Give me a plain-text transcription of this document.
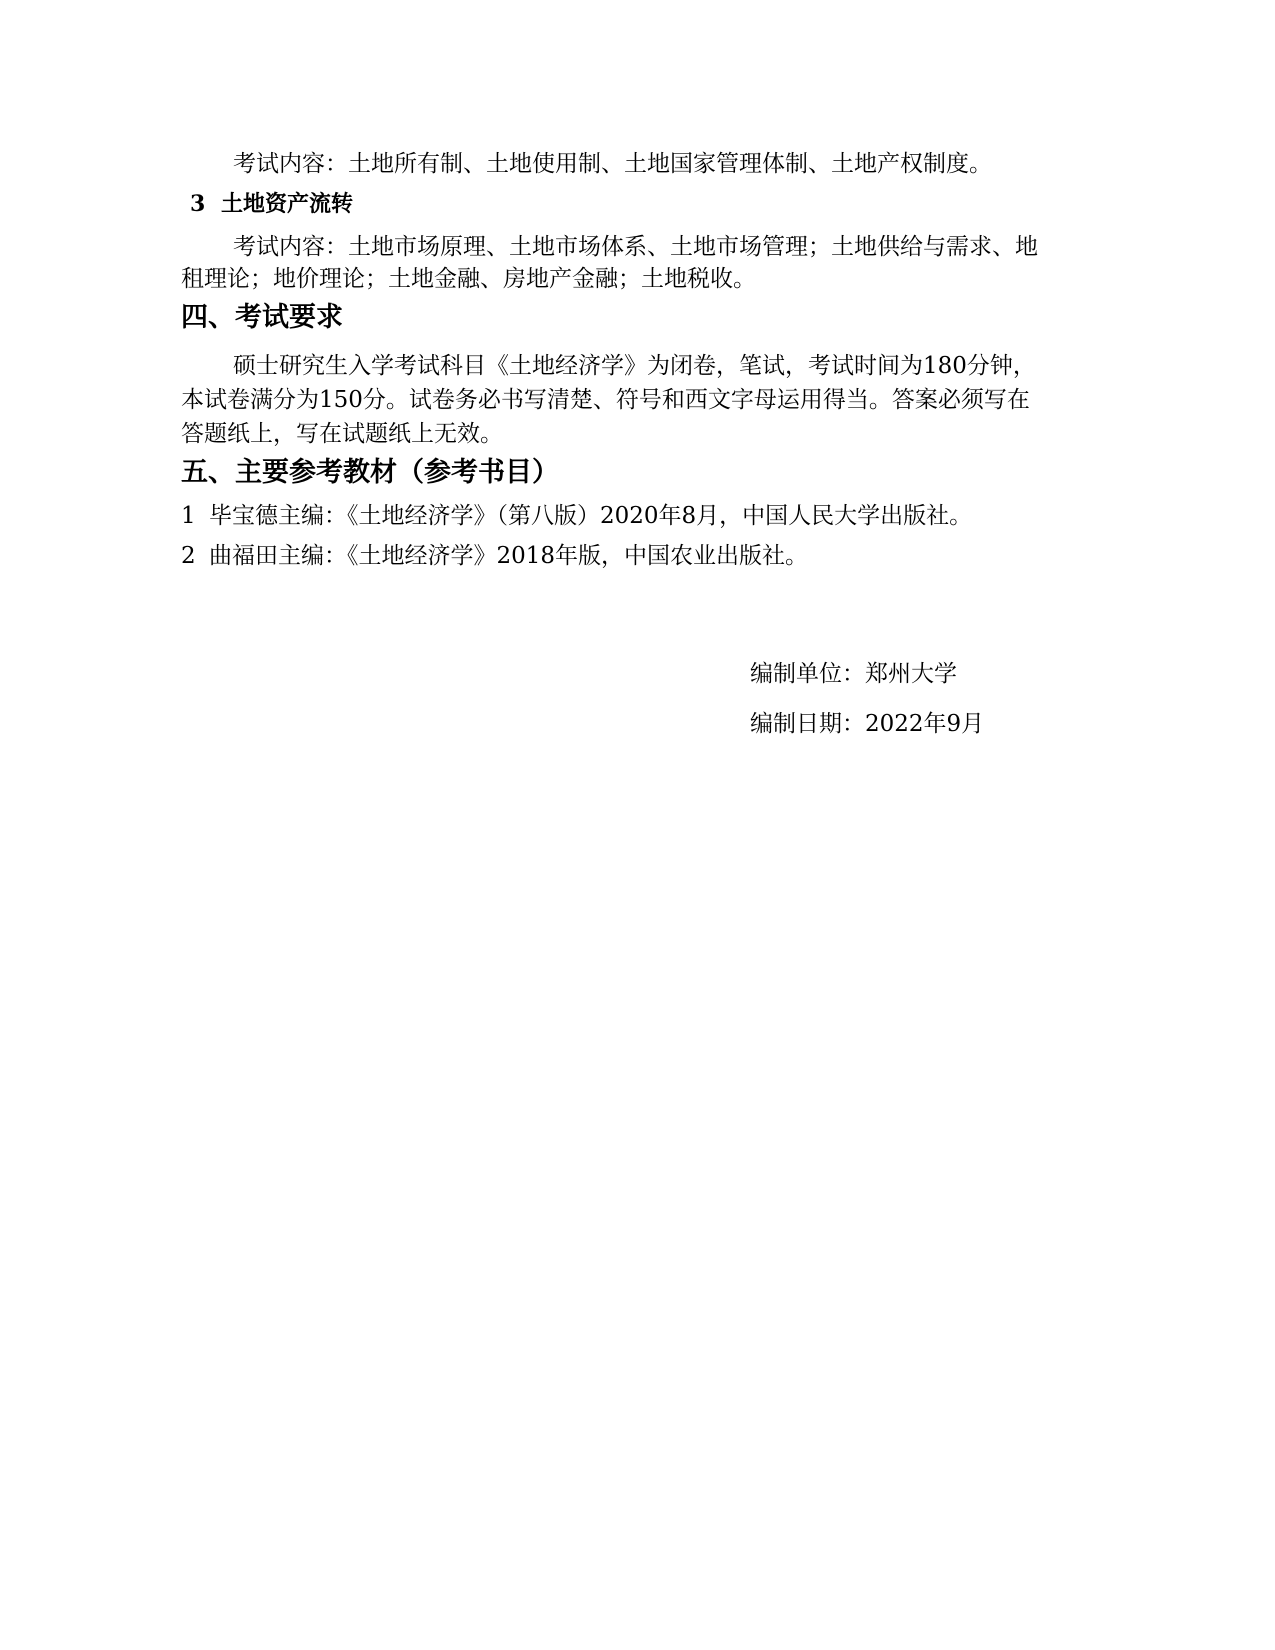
考试内容：土地所有制、土地使用制、土地国家管理体制、土地产权制度。
3 土地资产流转
考试内容：土地市场原理、土地市场体系、土地市场管理；土地供给与需求、地
租理论；地价理论；土地金融、房地产金融；土地税收。
四、考试要求
硕士研究生入学考试科目《土地经济学》为闭卷，笔试，考试时间为180分钟，
本试卷满分为150分。试卷务必书写清楚、符号和西文字母运用得当。答案必须写在
答题纸上，写在试题纸上无效。
五、主要参考教材（参考书目）
1 毕宝德主编：《土地经济学》（第八版）2020年8月，中国人民大学出版社。
2 曲福田主编：《土地经济学》2018年版，中国农业出版社。
编制单位：郑州大学
编制日期：2022年9月
